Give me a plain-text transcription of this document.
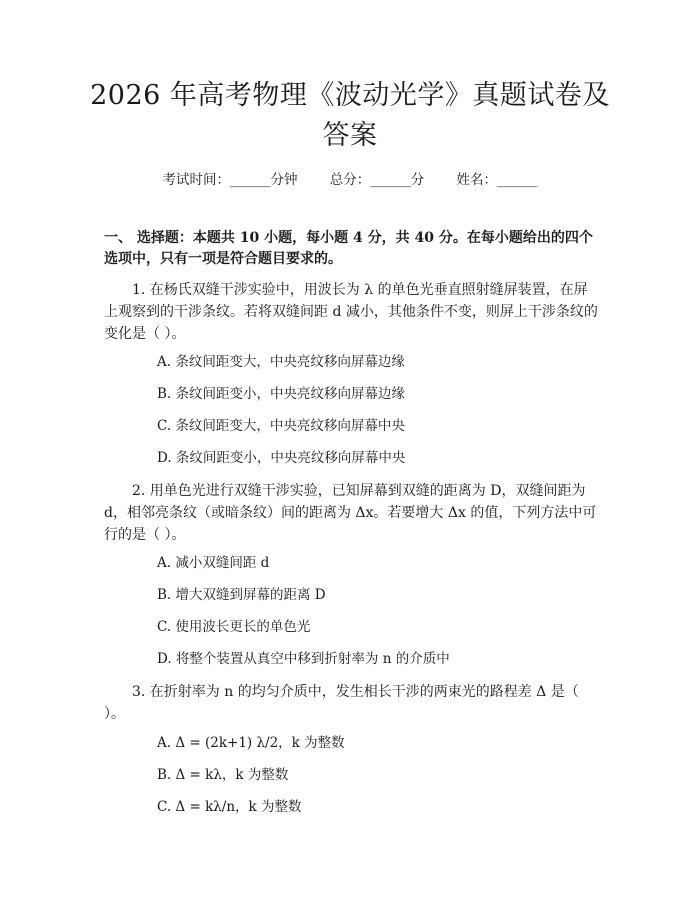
2026 年高考物理《波动光学》真题试卷及答案
考试时间：______分钟 总分：______分 姓名：______
一、 选择题：本题共 10 小题，每小题 4 分，共 40 分。在每小题给出的四个选项中，只有一项是符合题目要求的。
1. 在杨氏双缝干涉实验中，用波长为 λ 的单色光垂直照射缝屏装置，在屏上观察到的干涉条纹。若将双缝间距 d 减小，其他条件不变，则屏上干涉条纹的变化是（ ）。
A. 条纹间距变大，中央亮纹移向屏幕边缘
B. 条纹间距变小，中央亮纹移向屏幕边缘
C. 条纹间距变大，中央亮纹移向屏幕中央
D. 条纹间距变小，中央亮纹移向屏幕中央
2. 用单色光进行双缝干涉实验，已知屏幕到双缝的距离为 D，双缝间距为 d，相邻亮条纹（或暗条纹）间的距离为 Δx。若要增大 Δx 的值，下列方法中可行的是（ ）。
A. 减小双缝间距 d
B. 增大双缝到屏幕的距离 D
C. 使用波长更长的单色光
D. 将整个装置从真空中移到折射率为 n 的介质中
3. 在折射率为 n 的均匀介质中，发生相长干涉的两束光的路程差 Δ 是（ ）。
A. Δ = (2k+1) λ/2，k 为整数
B. Δ = kλ，k 为整数
C. Δ = kλ/n，k 为整数
